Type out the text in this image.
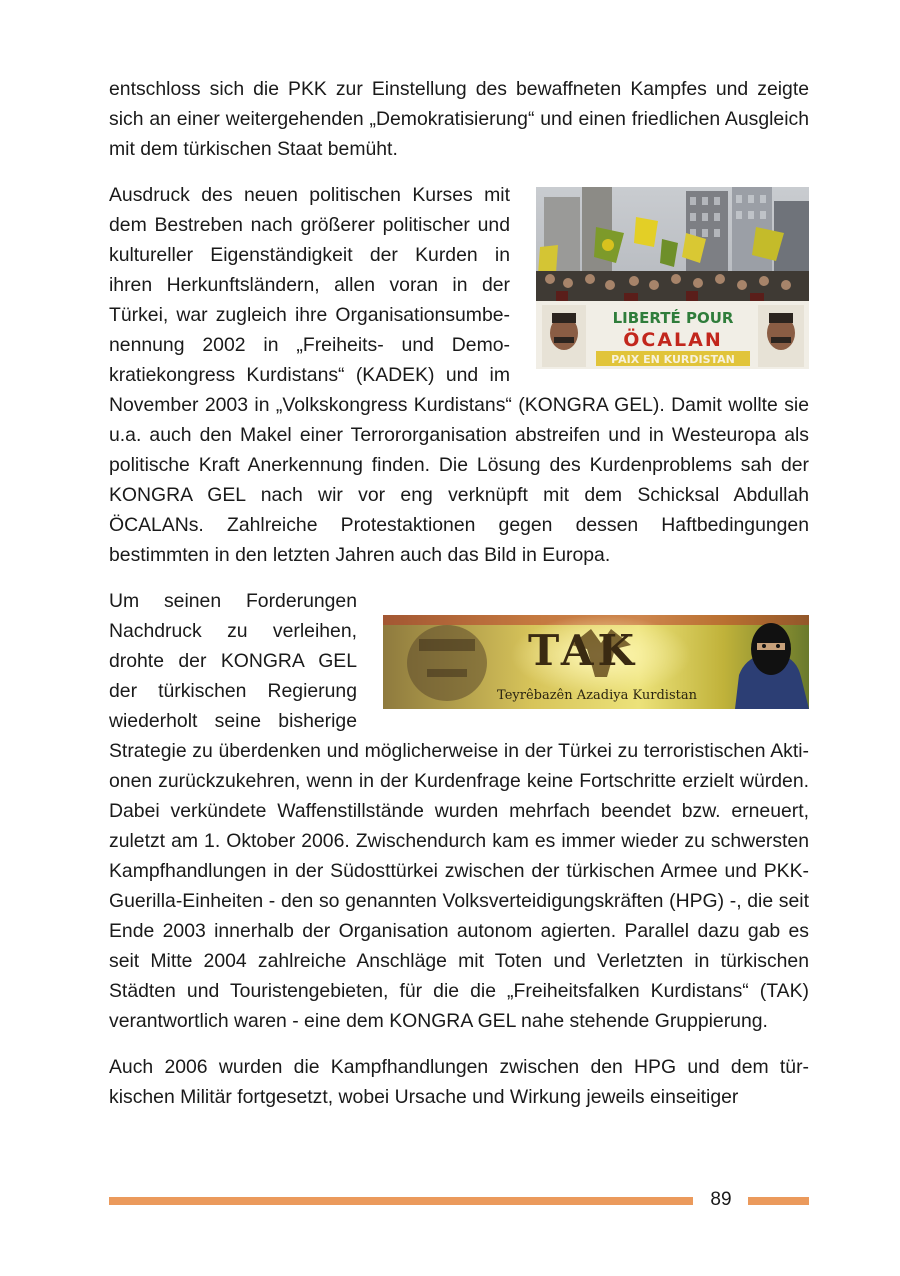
entschloss sich die PKK zur Einstellung des bewaffneten Kampfes und zeigte sich an einer weitergehenden „Demokratisierung“ und einen friedlichen Ausgleich mit dem türkischen Staat bemüht.

LIBERTÉ POUR
ÖCALAN
PAIX EN KURDISTAN

Ausdruck des neuen politischen Kurses mit dem Bestreben nach größerer politischer und kultureller Eigenständigkeit der Kurden in ihren Herkunftsländern, allen voran in der Türkei, war zugleich ihre Organisationsumbenennung 2002 in „Freiheits- und Demokratiekongress Kurdistans“ (KADEK) und im November 2003 in „Volkskongress Kurdistans“ (KONGRA GEL). Damit wollte sie u.a. auch den Makel einer Terrororganisation abstreifen und in Westeuropa als politische Kraft Anerkennung finden. Die Lösung des Kurdenproblems sah der KONGRA GEL nach wir vor eng verknüpft mit dem Schicksal Abdullah ÖCALANs. Zahlreiche Protestaktionen gegen dessen Haftbedingungen bestimmten in den letzten Jahren auch das Bild in Europa.

TAK
Teyrêbazên Azadiya Kurdistan

Um seinen Forderungen Nachdruck zu verleihen, drohte der KONGRA GEL der türkischen Regierung wiederholt seine bisherige Strategie zu überdenken und möglicherweise in der Türkei zu terroristischen Aktionen zurückzukehren, wenn in der Kurdenfrage keine Fortschritte erzielt würden. Dabei verkündete Waffenstillstände wurden mehrfach beendet bzw. erneuert, zuletzt am 1. Oktober 2006. Zwischendurch kam es immer wieder zu schwersten Kampfhandlungen in der Südosttürkei zwischen der türkischen Armee und PKK-Guerilla-Einheiten - den so genannten Volksverteidigungskräften (HPG) -, die seit Ende 2003 innerhalb der Organisation autonom agierten. Parallel dazu gab es seit Mitte 2004 zahlreiche Anschläge mit Toten und Verletzten in türkischen Städten und Touristengebieten, für die die „Freiheitsfalken Kurdistans“ (TAK) verantwortlich waren - eine dem KONGRA GEL nahe stehende Gruppierung.

Auch 2006 wurden die Kampfhandlungen zwischen den HPG und dem türkischen Militär fortgesetzt, wobei Ursache und Wirkung jeweils einseitiger

89
